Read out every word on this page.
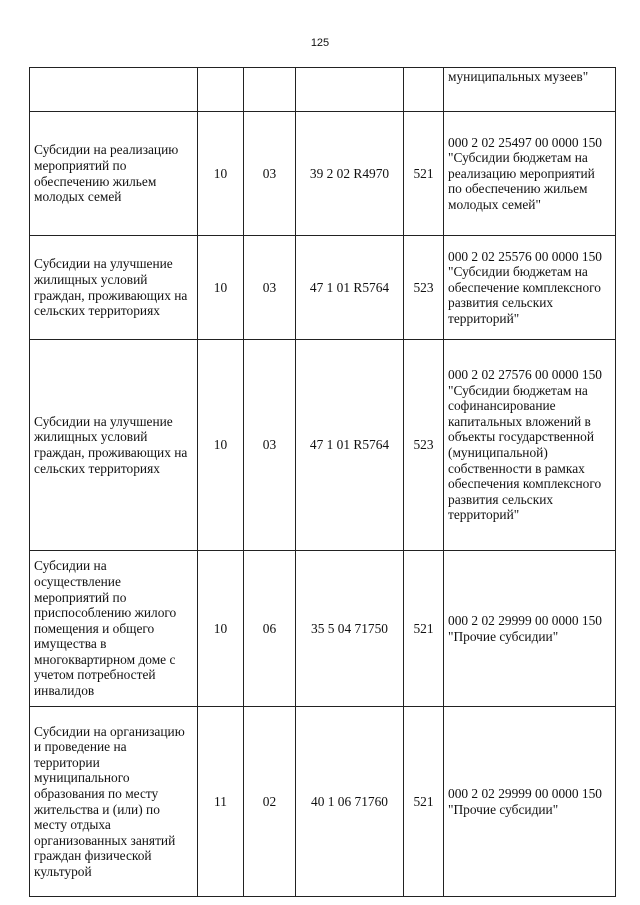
125

					муниципальных музеев"

Субсидии на реализацию мероприятий по обеспечению жильем молодых семей	10	03	39 2 02 R4970	521	000 2 02 25497 00 0000 150 "Субсидии бюджетам на реализацию мероприятий по обеспечению жильем молодых семей"

Субсидии на улучшение жилищных условий граждан, проживающих на сельских территориях	10	03	47 1 01 R5764	523	000 2 02 25576 00 0000 150 "Субсидии бюджетам на обеспечение комплексного развития сельских территорий"

Субсидии на улучшение жилищных условий граждан, проживающих на сельских территориях	10	03	47 1 01 R5764	523	000 2 02 27576 00 0000 150 "Субсидии бюджетам на софинансирование капитальных вложений в объекты государственной (муниципальной) собственности в рамках обеспечения комплексного развития сельских территорий"

Субсидии на осуществление мероприятий по приспособлению жилого помещения и общего имущества в многоквартирном доме с учетом потребностей инвалидов	10	06	35 5 04 71750	521	000 2 02 29999 00 0000 150 "Прочие субсидии"

Субсидии на организацию и проведение на территории муниципального образования по месту жительства и (или) по месту отдыха организованных занятий граждан физической культурой	11	02	40 1 06 71760	521	000 2 02 29999 00 0000 150 "Прочие субсидии"
